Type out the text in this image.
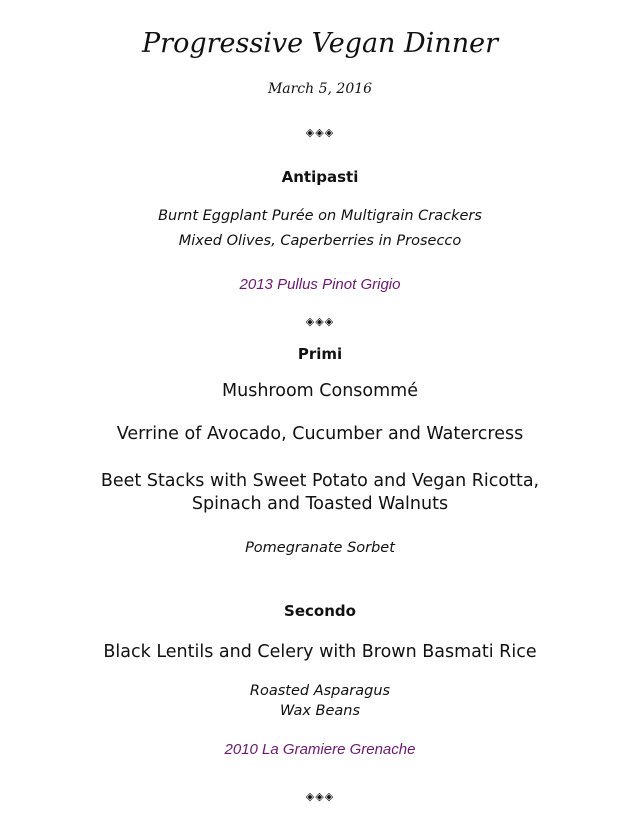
Progressive Vegan Dinner
March 5, 2016
◈◈◈
Antipasti
Burnt Eggplant Purée on Multigrain Crackers
Mixed Olives, Caperberries in Prosecco
2013 Pullus Pinot Grigio
◈◈◈
Primi
Mushroom Consommé
Verrine of Avocado, Cucumber and Watercress
Beet Stacks with Sweet Potato and Vegan Ricotta,
Spinach and Toasted Walnuts
Pomegranate Sorbet
Secondo
Black Lentils and Celery with Brown Basmati Rice
Roasted Asparagus
Wax Beans
2010 La Gramiere Grenache
◈◈◈
